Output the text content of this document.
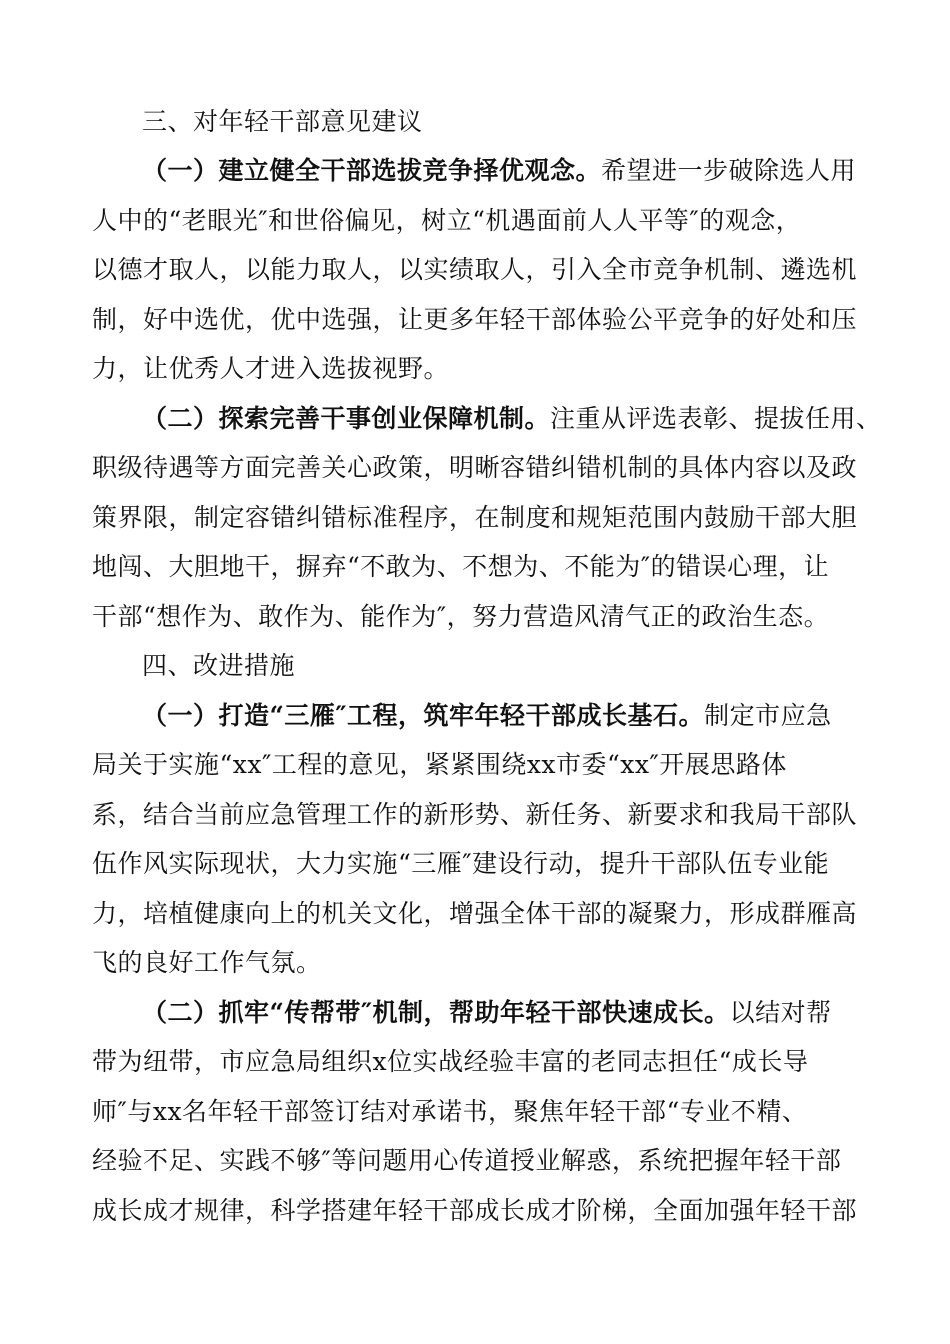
三、对年轻干部意见建议
（一）建立健全干部选拔竞争择优观念。希望进一步破除选人用
人中的“老眼光″和世俗偏见，树立“机遇面前人人平等″的观念，
以德才取人，以能力取人，以实绩取人，引入全市竞争机制、遴选机
制，好中选优，优中选强，让更多年轻干部体验公平竞争的好处和压
力，让优秀人才进入选拔视野。
（二）探索完善干事创业保障机制。注重从评选表彰、提拔任用、
职级待遇等方面完善关心政策，明晰容错纠错机制的具体内容以及政
策界限，制定容错纠错标准程序，在制度和规矩范围内鼓励干部大胆
地闯、大胆地干，摒弃“不敢为、不想为、不能为″的错误心理，让
干部“想作为、敢作为、能作为″，努力营造风清气正的政治生态。
四、改进措施
（一）打造“三雁″工程，筑牢年轻干部成长基石。制定市应急
局关于实施“xx″工程的意见，紧紧围绕xx市委“xx″开展思路体
系，结合当前应急管理工作的新形势、新任务、新要求和我局干部队
伍作风实际现状，大力实施“三雁″建设行动，提升干部队伍专业能
力，培植健康向上的机关文化，增强全体干部的凝聚力，形成群雁高
飞的良好工作气氛。
（二）抓牢“传帮带″机制，帮助年轻干部快速成长。以结对帮
带为纽带，市应急局组织x位实战经验丰富的老同志担任“成长导
师″与xx名年轻干部签订结对承诺书，聚焦年轻干部“专业不精、
经验不足、实践不够″等问题用心传道授业解惑，系统把握年轻干部
成长成才规律，科学搭建年轻干部成长成才阶梯，全面加强年轻干部
